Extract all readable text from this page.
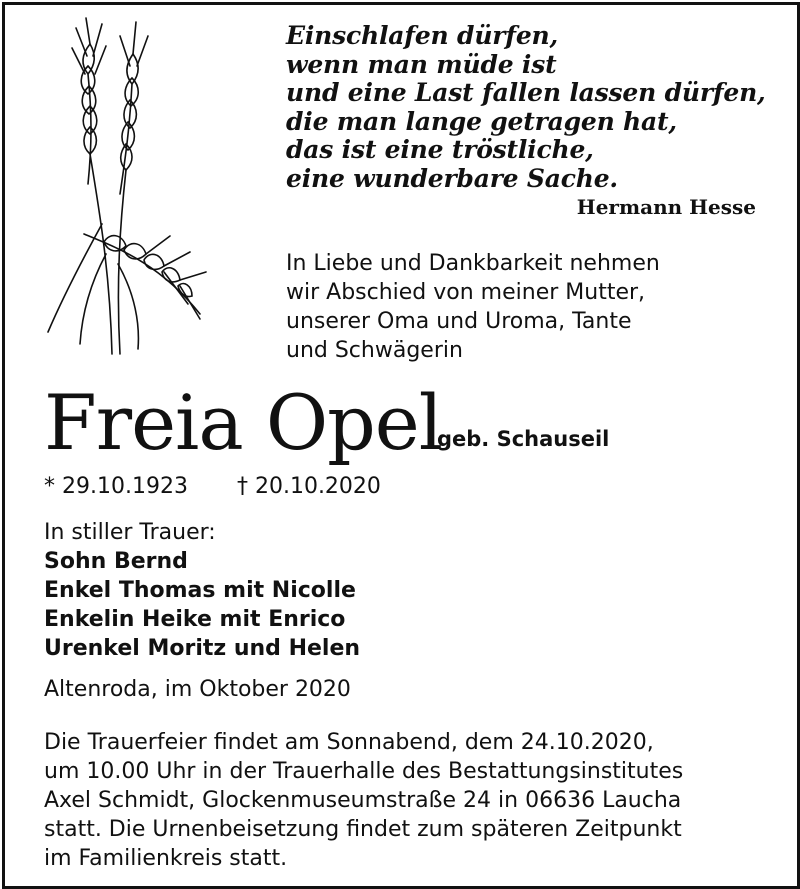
Einschlafen dürfen,
wenn man müde ist
und eine Last fallen lassen dürfen,
die man lange getragen hat,
das ist eine tröstliche,
eine wunderbare Sache.
Hermann Hesse
In Liebe und Dankbarkeit nehmen
wir Abschied von meiner Mutter,
unserer Oma und Uroma, Tante
und Schwägerin
Freia Opel
geb. Schauseil
* 29.10.1923 † 20.10.2020
In stiller Trauer:
Sohn Bernd
Enkel Thomas mit Nicolle
Enkelin Heike mit Enrico
Urenkel Moritz und Helen
Altenroda, im Oktober 2020
Die Trauerfeier findet am Sonnabend, dem 24.10.2020,
um 10.00 Uhr in der Trauerhalle des Bestattungsinstitutes
Axel Schmidt, Glockenmuseumstraße 24 in 06636 Laucha
statt. Die Urnenbeisetzung findet zum späteren Zeitpunkt
im Familienkreis statt.
